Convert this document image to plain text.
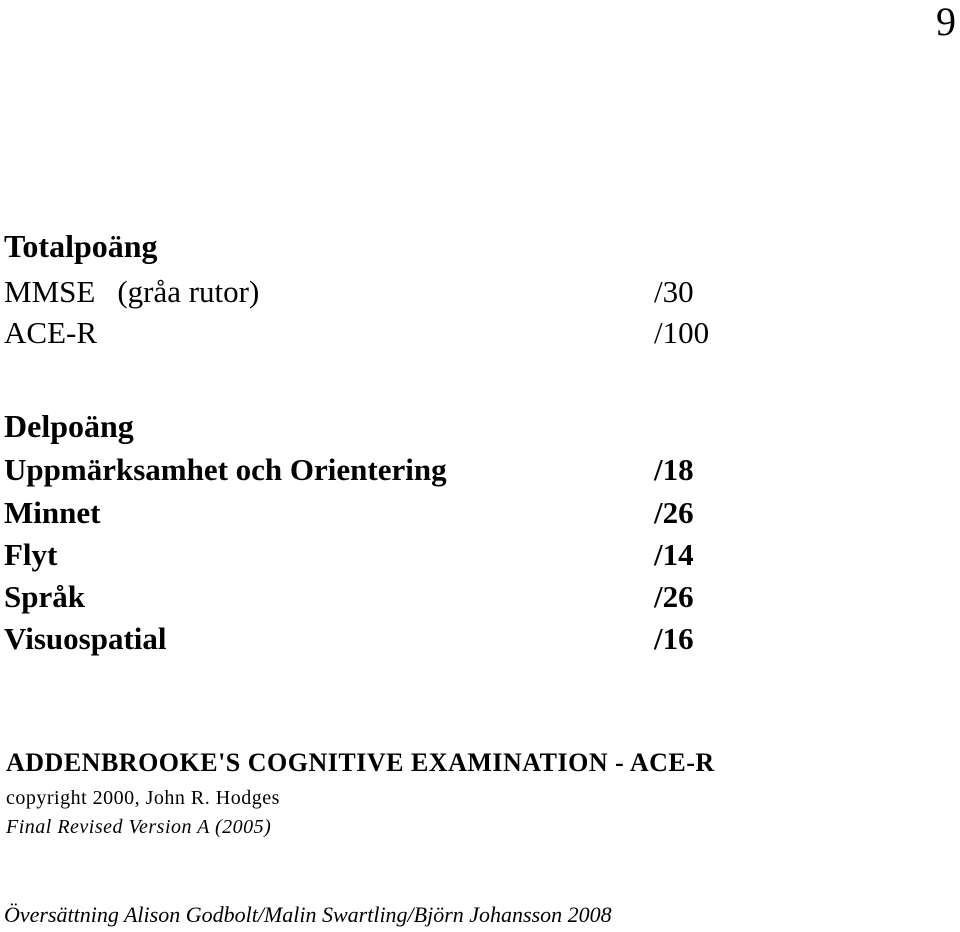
9
Totalpoäng
MMSE (gråa rutor)	/30
ACE-R	/100
Delpoäng
Uppmärksamhet och Orientering	/18
Minnet	/26
Flyt	/14
Språk	/26
Visuospatial	/16
ADDENBROOKE'S COGNITIVE EXAMINATION - ACE-R
copyright 2000, John R. Hodges
Final Revised Version A (2005)
Översättning Alison Godbolt/Malin Swartling/Björn Johansson 2008
